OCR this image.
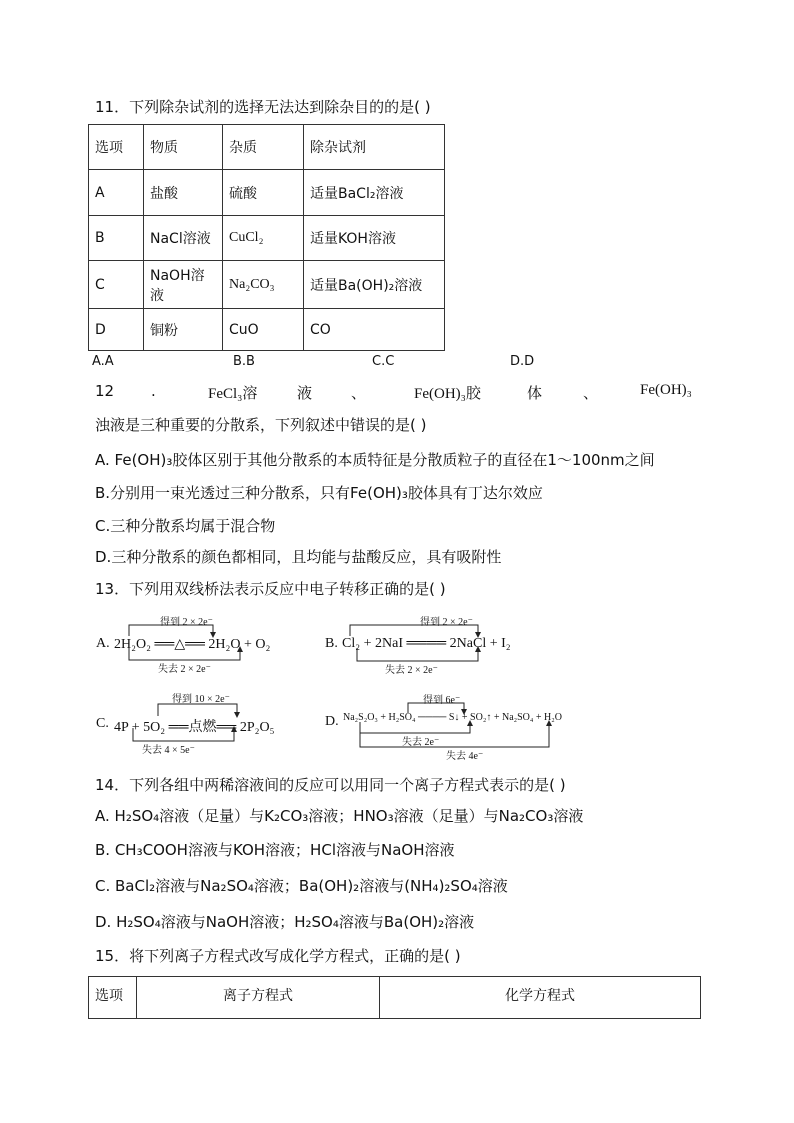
11．下列除杂试剂的选择无法达到除杂目的的是( )
选项	物质	杂质	除杂试剂
A	盐酸	硫酸	适量BaCl₂溶液
B	NaCl溶液	CuCl₂	适量KOH溶液
C	NaOH溶液	Na₂CO₃	适量Ba(OH)₂溶液
D	铜粉	CuO	CO
A.A	B.B	C.C	D.D
12 .	FeCl₃溶	液	、	Fe(OH)₃胶	体	、	Fe(OH)₃
浊液是三种重要的分散系，下列叙述中错误的是( )
A. Fe(OH)₃胶体区别于其他分散系的本质特征是分散质粒子的直径在1～100nm之间
B.分别用一束光透过三种分散系，只有Fe(OH)₃胶体具有丁达尔效应
C.三种分散系均属于混合物
D.三种分散系的颜色都相同，且均能与盐酸反应，具有吸附性
13．下列用双线桥法表示反应中电子转移正确的是( )
得到 2 × 2e⁻
A. 2H₂O₂ ══△══ 2H₂O + O₂
失去 2 × 2e⁻
得到 2 × 2e⁻
B. Cl₂ + 2NaI ════ 2NaCl + I₂
失去 2 × 2e⁻
得到 10 × 2e⁻
C. 4P + 5O₂ ══点燃══ 2P₂O₅
失去 4 × 5e⁻
得到 6e⁻
D. Na₂S₂O₃ + H₂SO₄ ──── S↓ + SO₂↑ + Na₂SO₄ + H₂O
失去 2e⁻
失去 4e⁻
14．下列各组中两稀溶液间的反应可以用同一个离子方程式表示的是( )
A. H₂SO₄溶液（足量）与K₂CO₃溶液；HNO₃溶液（足量）与Na₂CO₃溶液
B. CH₃COOH溶液与KOH溶液；HCl溶液与NaOH溶液
C. BaCl₂溶液与Na₂SO₄溶液；Ba(OH)₂溶液与(NH₄)₂SO₄溶液
D. H₂SO₄溶液与NaOH溶液；H₂SO₄溶液与Ba(OH)₂溶液
15．将下列离子方程式改写成化学方程式，正确的是( )
选项	离子方程式	化学方程式
